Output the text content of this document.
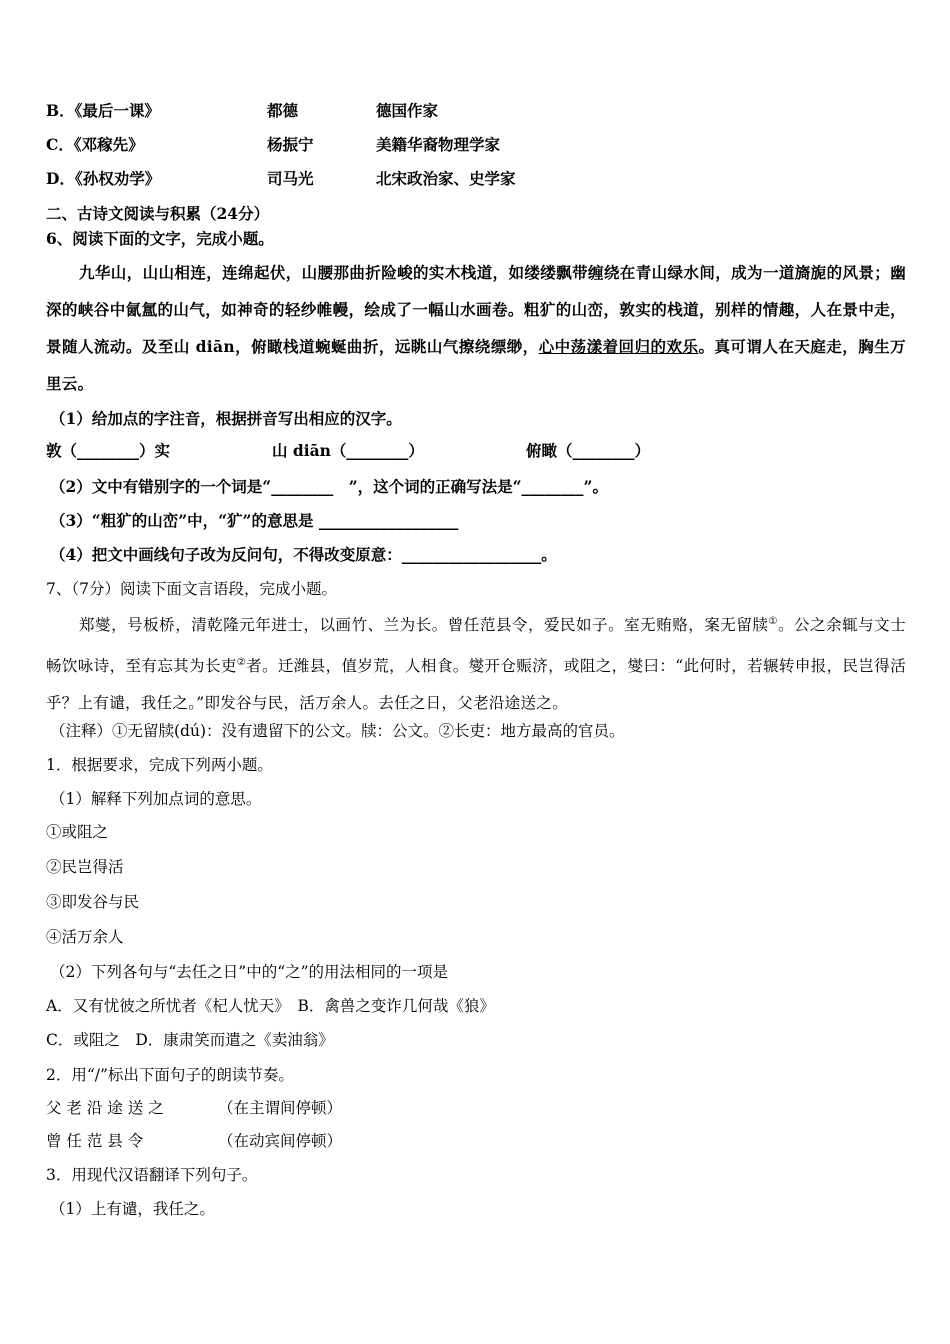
B．《最后一课》	都德	德国作家
C．《邓稼先》	杨振宁	美籍华裔物理学家
D．《孙权劝学》	司马光	北宋政治家、史学家
二、古诗文阅读与积累（24分）
6、阅读下面的文字，完成小题。
九华山，山山相连，连绵起伏，山腰那曲折险峻的实木栈道，如缕缕飘带缠绕在青山绿水间，成为一道旖旎的风景；幽深的峡谷中氤氲的山气，如神奇的轻纱帷幔，绘成了一幅山水画卷。粗犷的山峦，敦实的栈道，别样的情趣，人在景中走，景随人流动。及至山 diān，俯瞰栈道蜿蜒曲折，远眺山气擦绕缥缈，心中荡漾着回归的欢乐。真可谓人在天庭走，胸生万里云。
（1）给加点的字注音，根据拼音写出相应的汉字。
敦（________）实	山 diān（________）	俯瞰（________）
（2）文中有错别字的一个词是“________　”，这个词的正确写法是“________”。
（3）“粗犷的山峦”中，“犷”的意思是 __________________
（4）把文中画线句子改为反问句，不得改变原意：__________________。
7、（7分）阅读下面文言语段，完成小题。
郑燮，号板桥，清乾隆元年进士，以画竹、兰为长。曾任范县令，爱民如子。室无贿赂，案无留牍①。公之余辄与文士畅饮咏诗，至有忘其为长吏②者。迁潍县，值岁荒，人相食。燮开仓赈济，或阻之，燮曰：“此何时，若辗转申报，民岂得活乎？上有谴，我任之。”即发谷与民，活万余人。去任之日，父老沿途送之。
（注释）①无留牍(dú)：没有遗留下的公文。牍：公文。②长吏：地方最高的官员。
1．根据要求，完成下列两小题。
（1）解释下列加点词的意思。
①或阻之
②民岂得活
③即发谷与民
④活万余人
（2）下列各句与“去任之日”中的“之”的用法相同的一项是
A．又有忧彼之所忧者《杞人忧天》　B．禽兽之变诈几何哉《狼》
C．或阻之　D．康肃笑而遣之《卖油翁》
2．用“/”标出下面句子的朗读节奏。
父 老 沿 途 送 之	（在主谓间停顿）
曾 任 范 县 令	（在动宾间停顿）
3．用现代汉语翻译下列句子。
（1）上有谴，我任之。
